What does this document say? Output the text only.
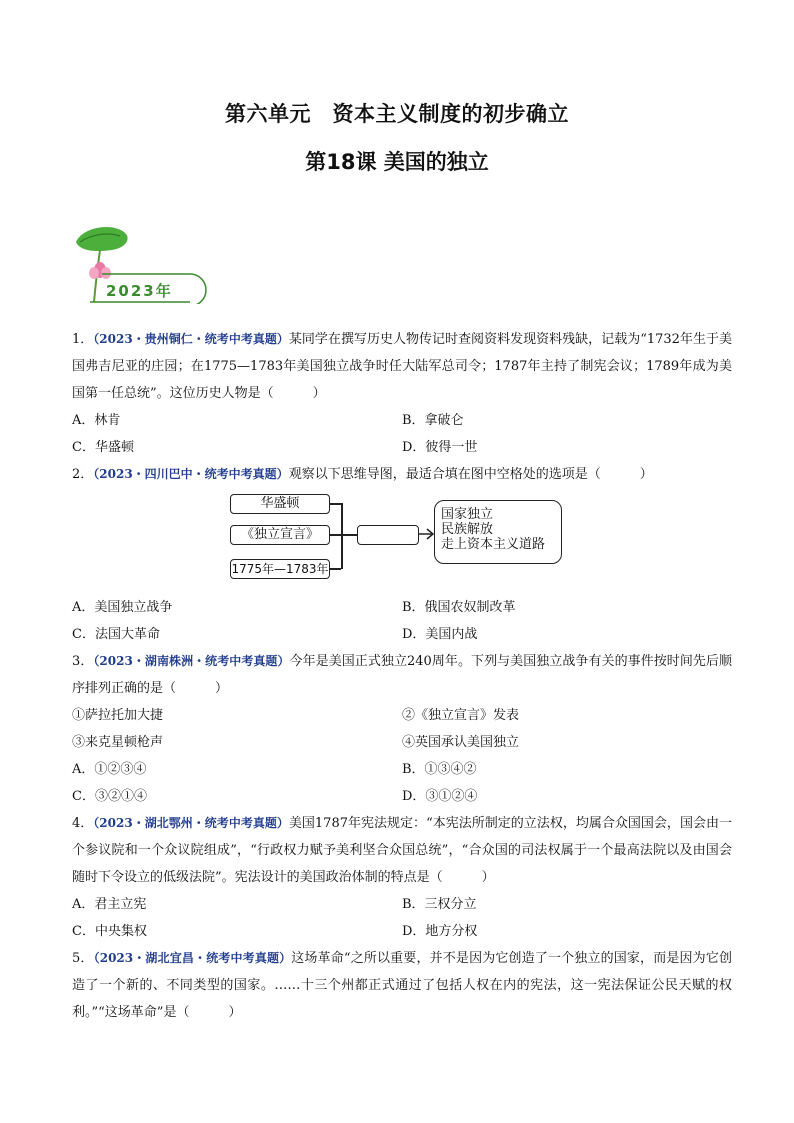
第六单元　资本主义制度的初步确立
第18课 美国的独立
2023年

1．（2023・贵州铜仁・统考中考真题）某同学在撰写历史人物传记时查阅资料发现资料残缺，记载为“1732年生于美国弗吉尼亚的庄园；在1775—1783年美国独立战争时任大陆军总司令；1787年主持了制宪会议；1789年成为美国第一任总统”。这位历史人物是（　　　）

A．林肯	B．拿破仑
C．华盛顿	D．彼得一世

2．（2023・四川巴中・统考中考真题）观察以下思维导图，最适合填在图中空格处的选项是（　　　）

华盛顿
《独立宣言》
1775年—1783年
国家独立
民族解放
走上资本主义道路
A．美国独立战争	B．俄国农奴制改革
C．法国大革命	D．美国内战

3．（2023・湖南株洲・统考中考真题）今年是美国正式独立240周年。下列与美国独立战争有关的事件按时间先后顺序排列正确的是（　　　）

①萨拉托加大捷	②《独立宣言》发表
③来克星顿枪声	④英国承认美国独立
A．①②③④	B．①③④②
C．③②①④	D．③①②④

4．（2023・湖北鄂州・统考中考真题）美国1787年宪法规定：“本宪法所制定的立法权，均属合众国国会，国会由一个参议院和一个众议院组成”，“行政权力赋予美利坚合众国总统”，“合众国的司法权属于一个最高法院以及由国会随时下令设立的低级法院”。宪法设计的美国政治体制的特点是（　　　）

A．君主立宪	B．三权分立
C．中央集权	D．地方分权

5．（2023・湖北宜昌・统考中考真题）这场革命“之所以重要，并不是因为它创造了一个独立的国家，而是因为它创造了一个新的、不同类型的国家。……十三个州都正式通过了包括人权在内的宪法，这一宪法保证公民天赋的权利。”“这场革命”是（　　　）
